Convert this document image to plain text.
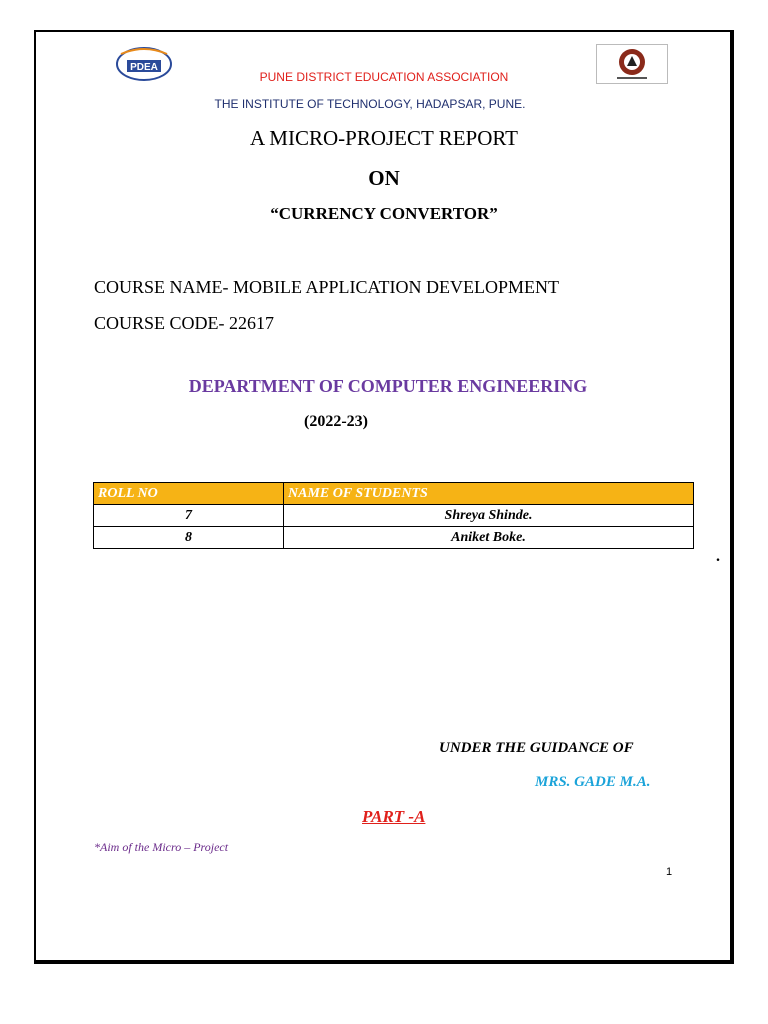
PDEA
PUNE DISTRICT EDUCATION ASSOCIATION
THE INSTITUTE OF TECHNOLOGY, HADAPSAR, PUNE.
A MICRO-PROJECT REPORT
ON
“CURRENCY CONVERTOR”
COURSE NAME- MOBILE APPLICATION DEVELOPMENT
COURSE CODE- 22617
DEPARTMENT OF COMPUTER ENGINEERING
(2022-23)
ROLL NO	NAME OF STUDENTS
7	Shreya Shinde.
8	Aniket Boke.
.
UNDER THE GUIDANCE OF
MRS. GADE M.A.
PART -A
*Aim of the Micro – Project
1
